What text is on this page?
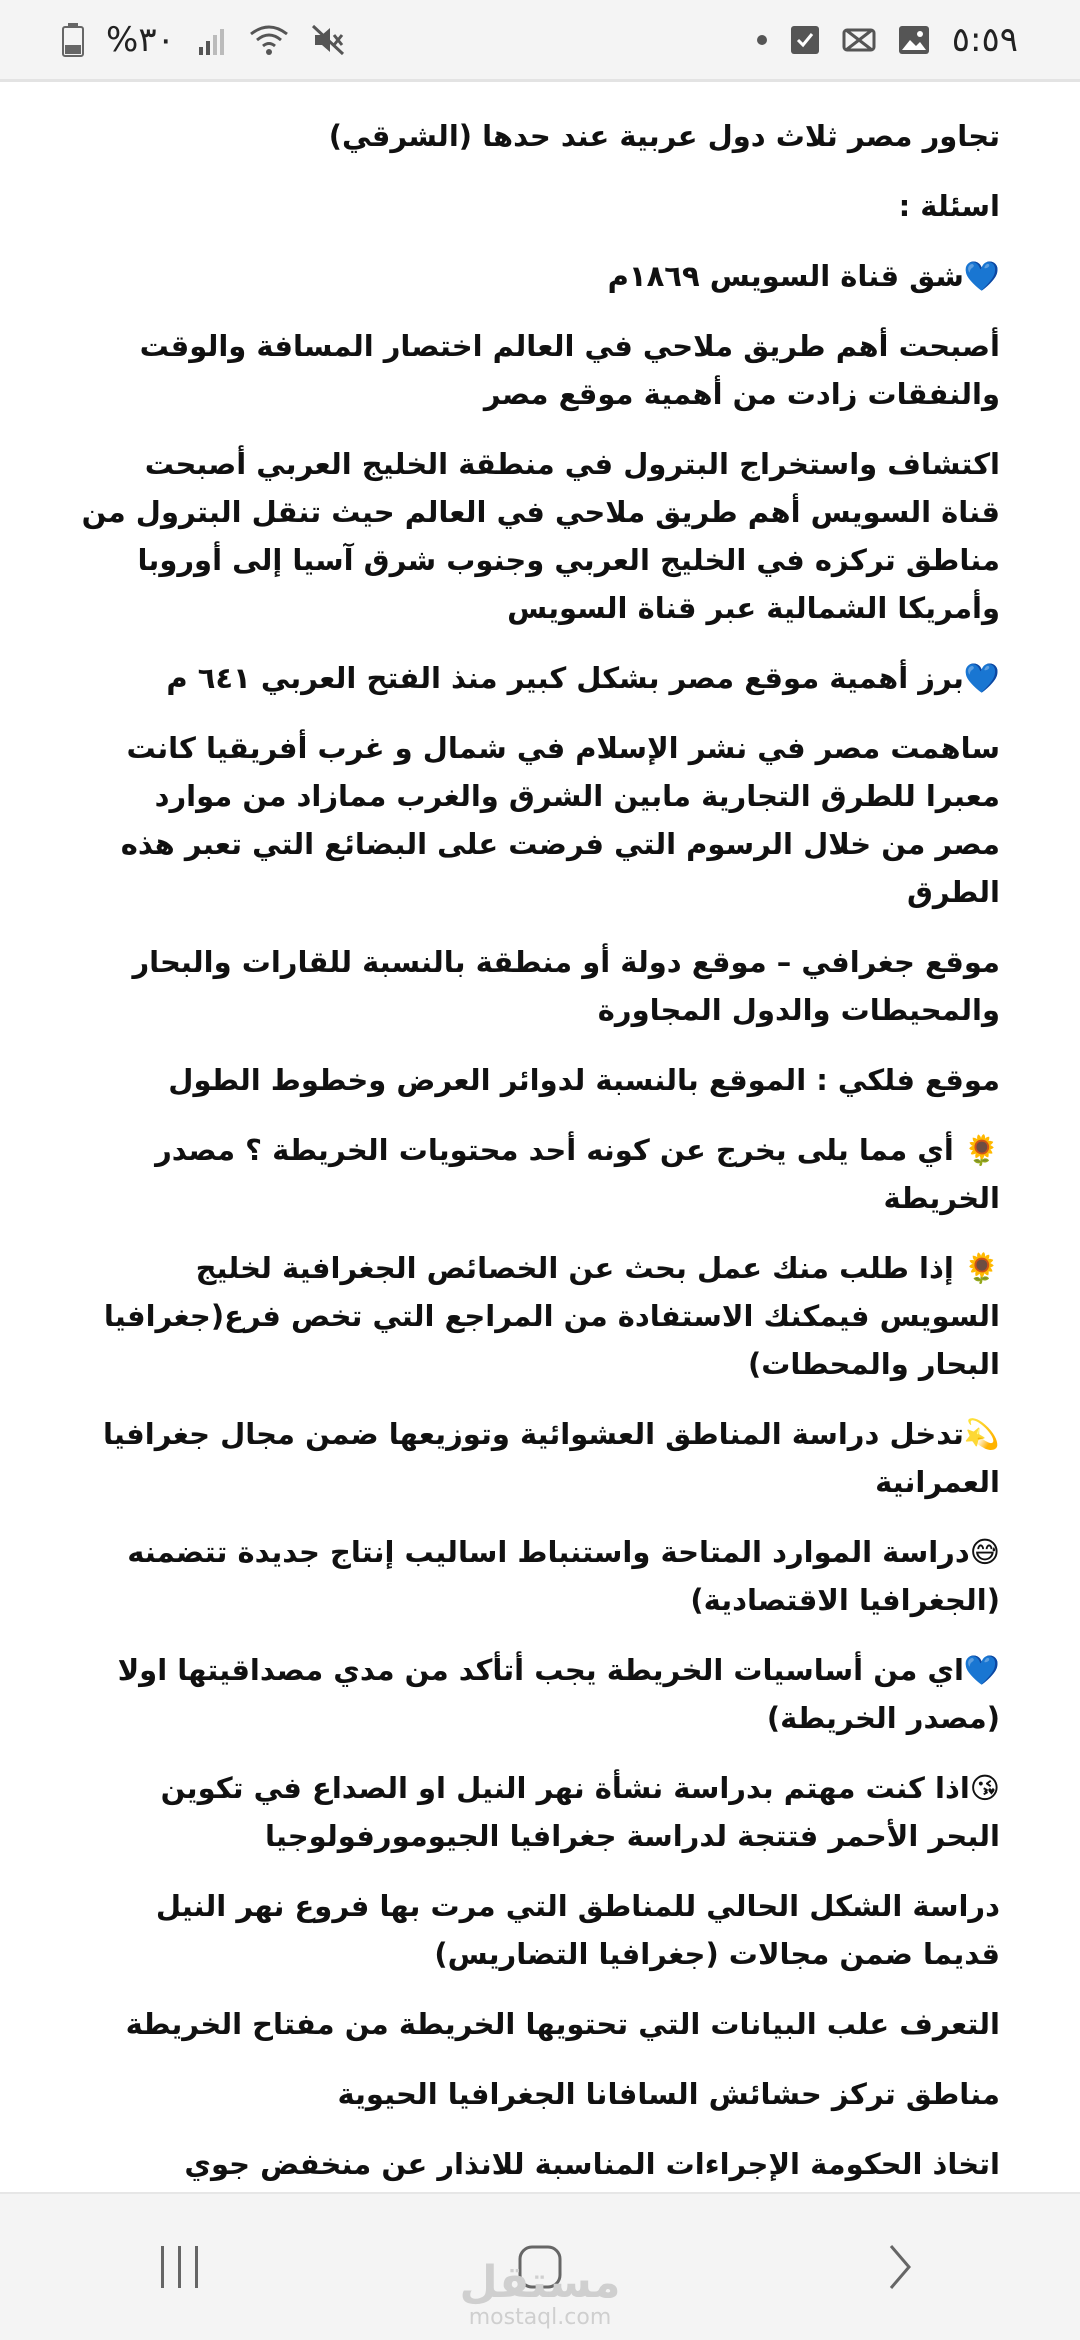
%٣٠	٥:٥٩

تجاور مصر ثلاث دول عربية عند حدها (الشرقي)

اسئلة :

💙شق قناة السويس ١٨٦٩م

أصبحت أهم طريق ملاحي في العالم اختصار المسافة والوقت والنفقات زادت من أهمية موقع مصر

اكتشاف واستخراج البترول في منطقة الخليج العربي أصبحت قناة السويس أهم طريق ملاحي في العالم حيث تنقل البترول من مناطق تركزه في الخليج العربي وجنوب شرق آسيا إلى أوروبا وأمريكا الشمالية عبر قناة السويس

💙برز أهمية موقع مصر بشكل كبير منذ الفتح العربي ٦٤١ م

ساهمت مصر في نشر الإسلام في شمال و غرب أفريقيا كانت معبرا للطرق التجارية مابين الشرق والغرب ممازاد من موارد مصر من خلال الرسوم التي فرضت على البضائع التي تعبر هذه الطرق

موقع جغرافي – موقع دولة أو منطقة بالنسبة للقارات والبحار والمحيطات والدول المجاورة

موقع فلكي : الموقع بالنسبة لدوائر العرض وخطوط الطول

🌻 أي مما يلى يخرج عن كونه أحد محتويات الخريطة ؟ مصدر الخريطة

🌻 إذا طلب منك عمل بحث عن الخصائص الجغرافية لخليج السويس فيمكنك الاستفادة من المراجع التي تخص فرع(جغرافيا البحار والمحطات)

💫تدخل دراسة المناطق العشوائية وتوزيعها ضمن مجال جغرافيا العمرانية

😅دراسة الموارد المتاحة واستنباط اساليب إنتاج جديدة تتضمنه (الجغرافيا الاقتصادية)

💙اي من أساسيات الخريطة يجب أتأكد من مدي مصداقيتها اولا (مصدر الخريطة)

😘اذا كنت مهتم بدراسة نشأة نهر النيل او الصداع في تكوين البحر الأحمر فتتجة لدراسة جغرافيا الجيومورفولوجيا

دراسة الشكل الحالي للمناطق التي مرت بها فروع نهر النيل قديما ضمن مجالات (جغرافيا التضاريس)

التعرف علب البيانات التي تحتويها الخريطة من مفتاح الخريطة

مناطق تركز حشائش السافانا الجغرافيا الحيوية

اتخاذ الحكومة الإجراءات المناسبة للانذار عن منخفض جوي

مستقل
mostaql.com
